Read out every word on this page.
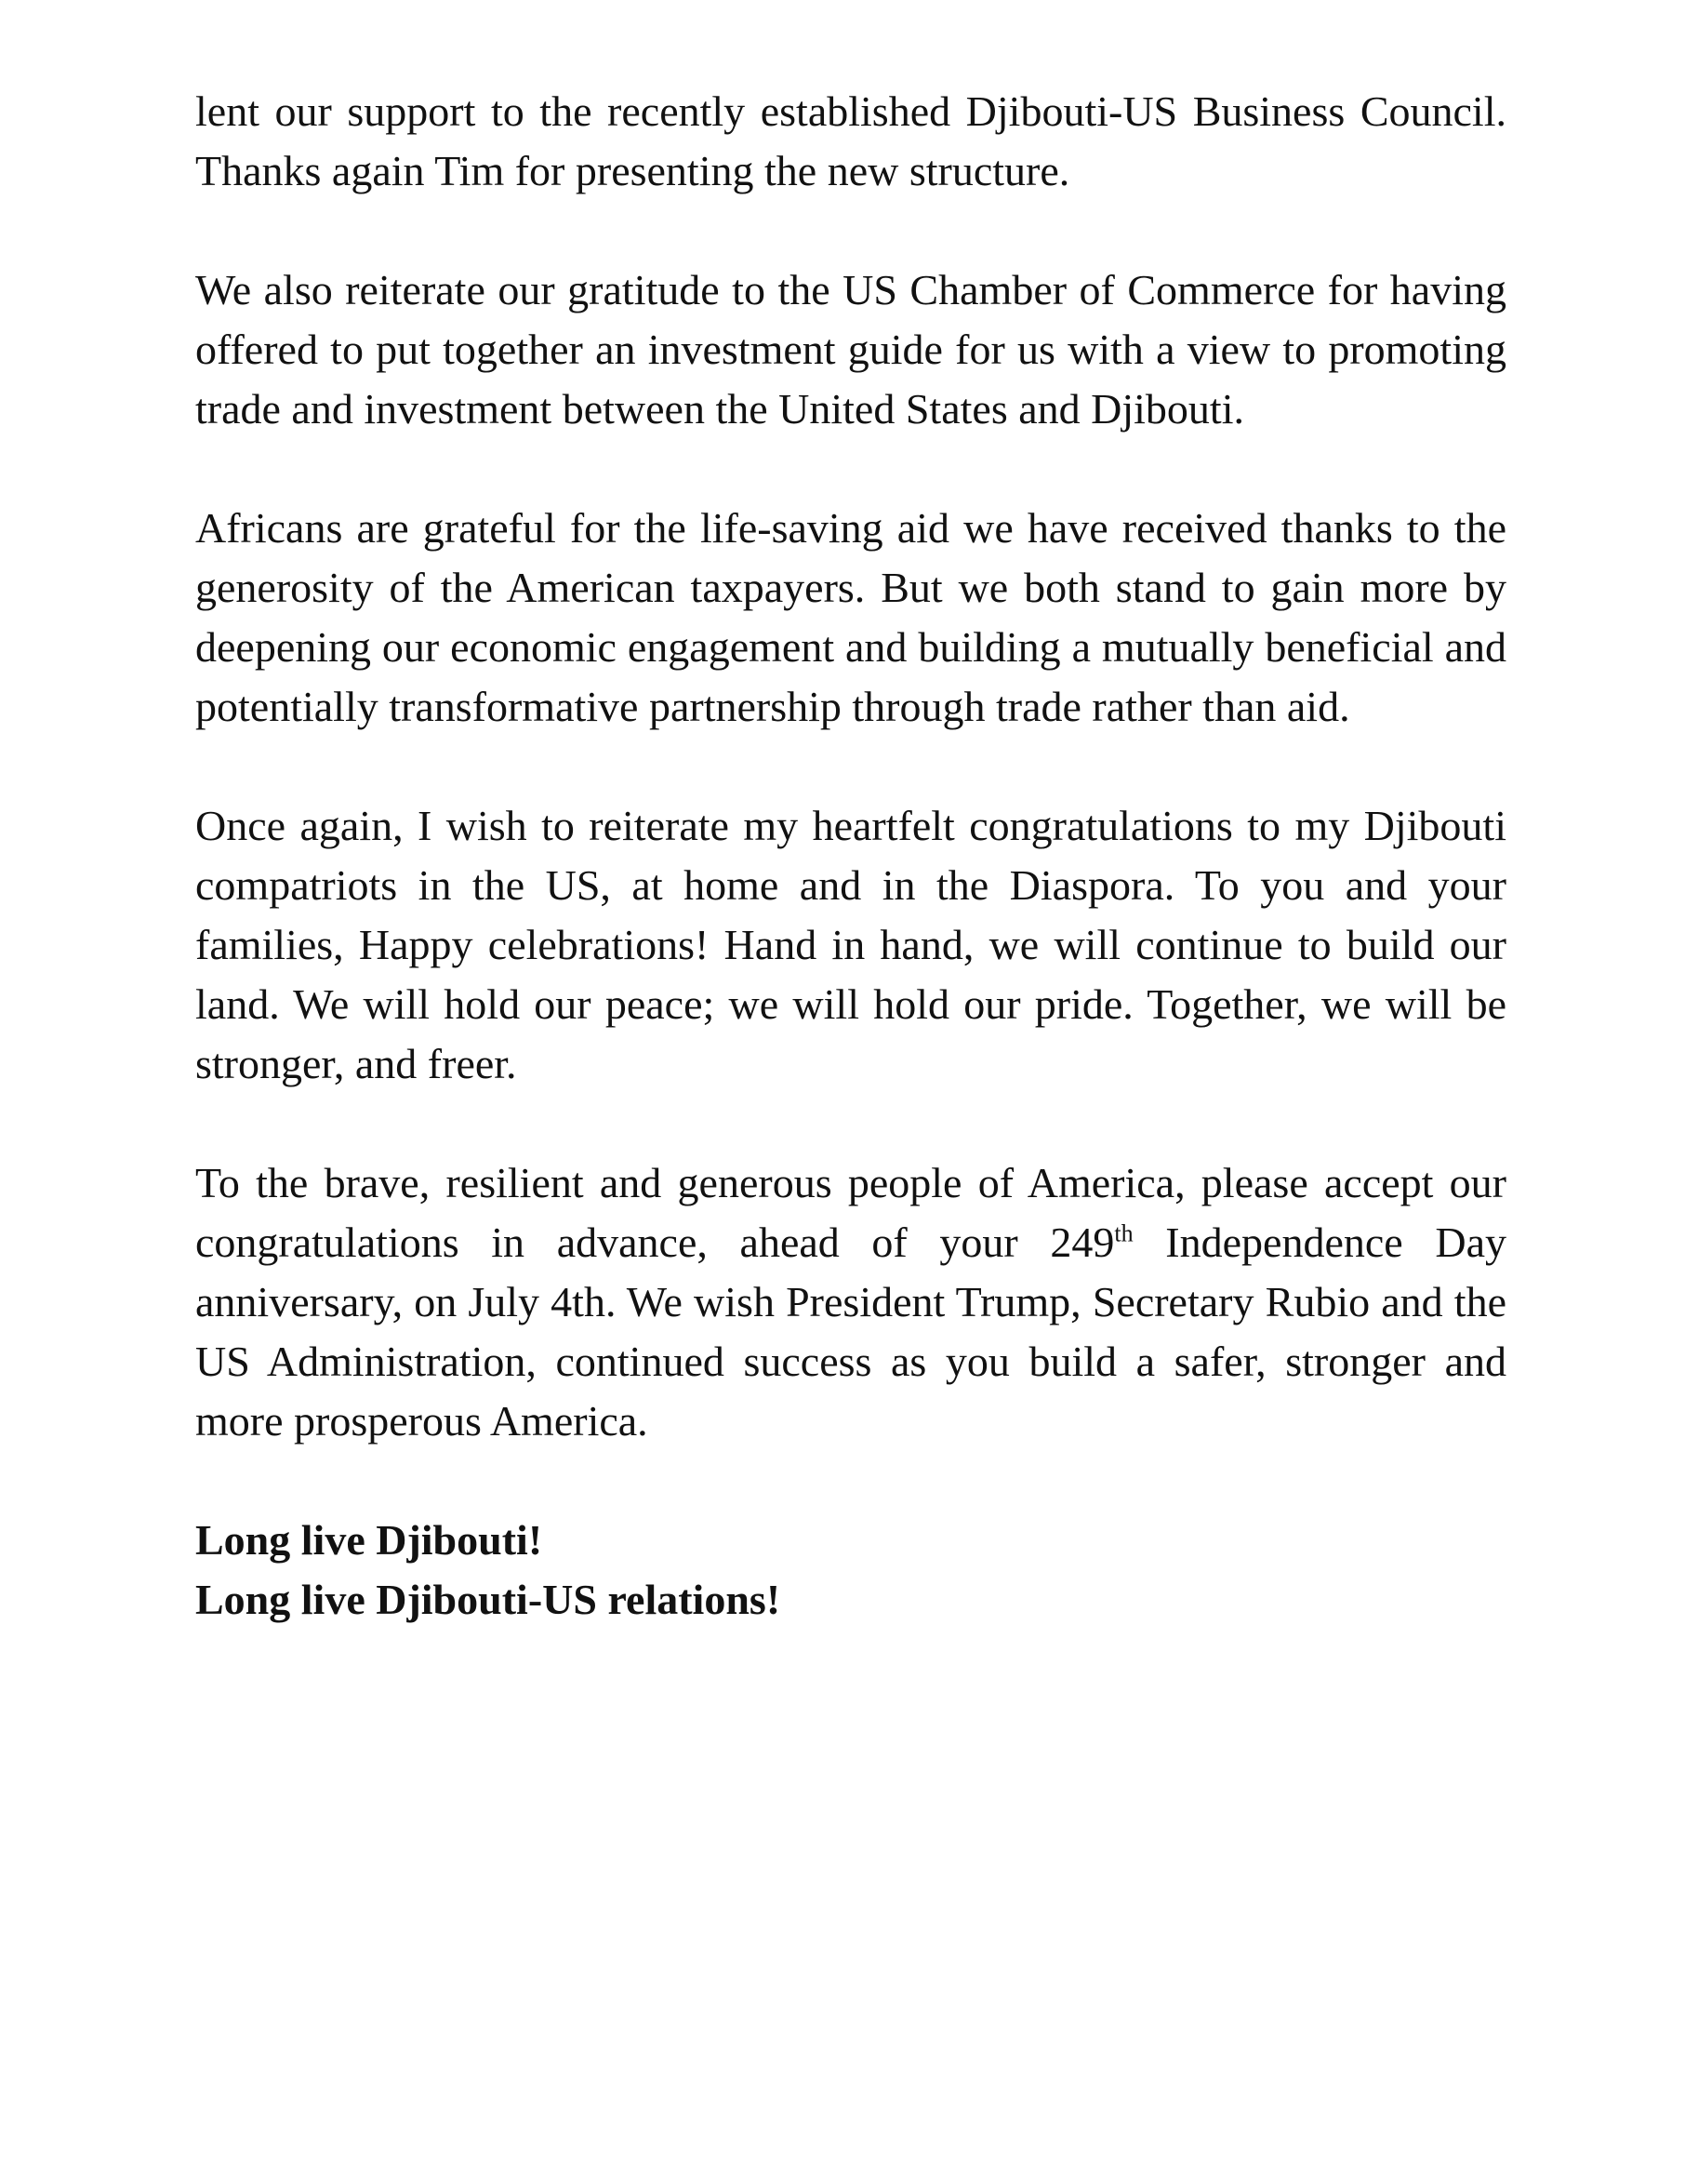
lent our support to the recently established Djibouti-US Business Council. Thanks again Tim for presenting the new structure.

We also reiterate our gratitude to the US Chamber of Commerce for having offered to put together an investment guide for us with a view to promoting trade and investment between the United States and Djibouti.

Africans are grateful for the life-saving aid we have received thanks to the generosity of the American taxpayers. But we both stand to gain more by deepening our economic engagement and building a mutually beneficial and potentially transformative partnership through trade rather than aid.

Once again, I wish to reiterate my heartfelt congratulations to my Djibouti compatriots in the US, at home and in the Diaspora. To you and your families, Happy celebrations! Hand in hand, we will continue to build our land. We will hold our peace; we will hold our pride. Together, we will be stronger, and freer.

To the brave, resilient and generous people of America, please accept our congratulations in advance, ahead of your 249th Independence Day anniversary, on July 4th. We wish President Trump, Secretary Rubio and the US Administration, continued success as you build a safer, stronger and more prosperous America.

Long live Djibouti!
Long live Djibouti-US relations!
